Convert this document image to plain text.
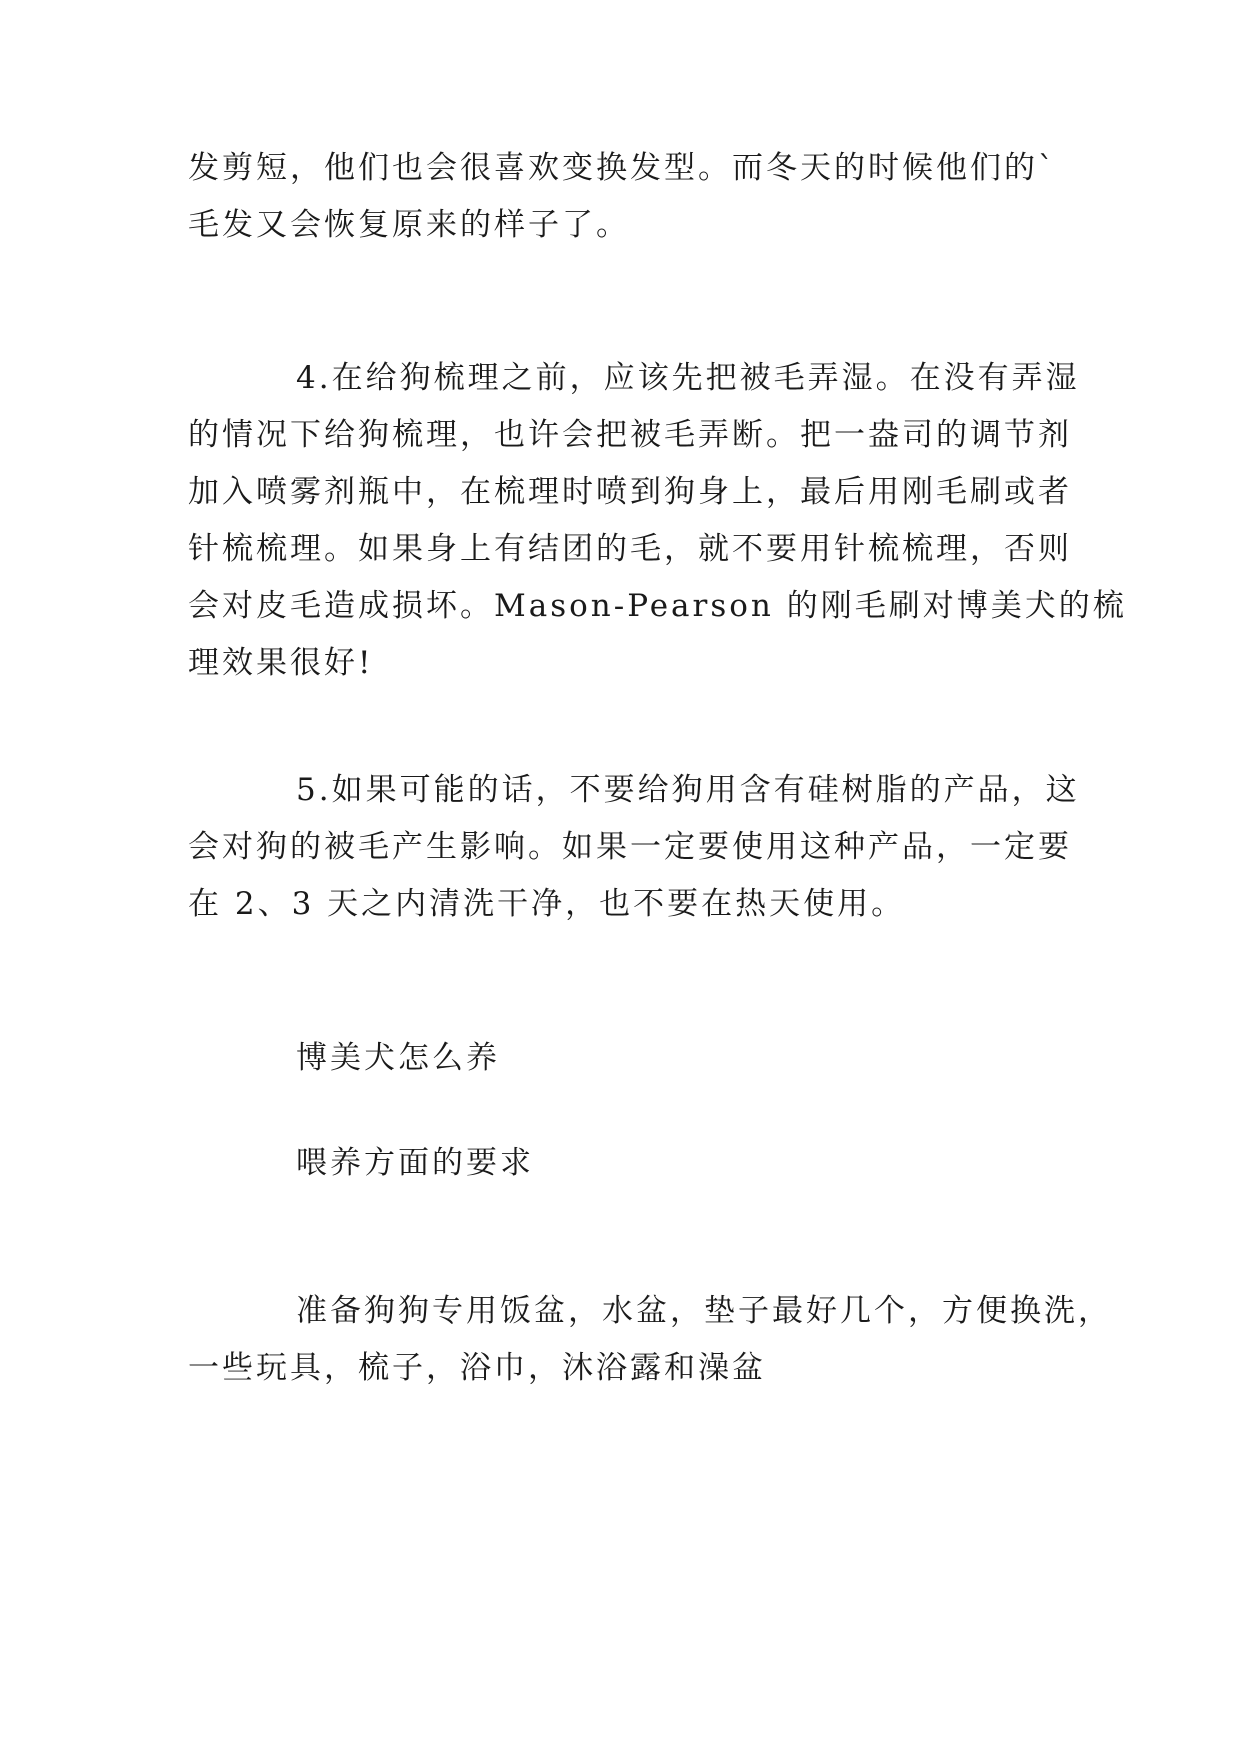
发剪短，他们也会很喜欢变换发型。而冬天的时候他们的`
毛发又会恢复原来的样子了。

4.在给狗梳理之前，应该先把被毛弄湿。在没有弄湿
的情况下给狗梳理，也许会把被毛弄断。把一盎司的调节剂
加入喷雾剂瓶中，在梳理时喷到狗身上，最后用刚毛刷或者
针梳梳理。如果身上有结团的毛，就不要用针梳梳理，否则
会对皮毛造成损坏。Mason-Pearson 的刚毛刷对博美犬的梳
理效果很好!

5.如果可能的话，不要给狗用含有硅树脂的产品，这
会对狗的被毛产生影响。如果一定要使用这种产品，一定要
在 2、3 天之内清洗干净，也不要在热天使用。

博美犬怎么养
喂养方面的要求

准备狗狗专用饭盆，水盆，垫子最好几个，方便换洗，
一些玩具，梳子，浴巾，沐浴露和澡盆
